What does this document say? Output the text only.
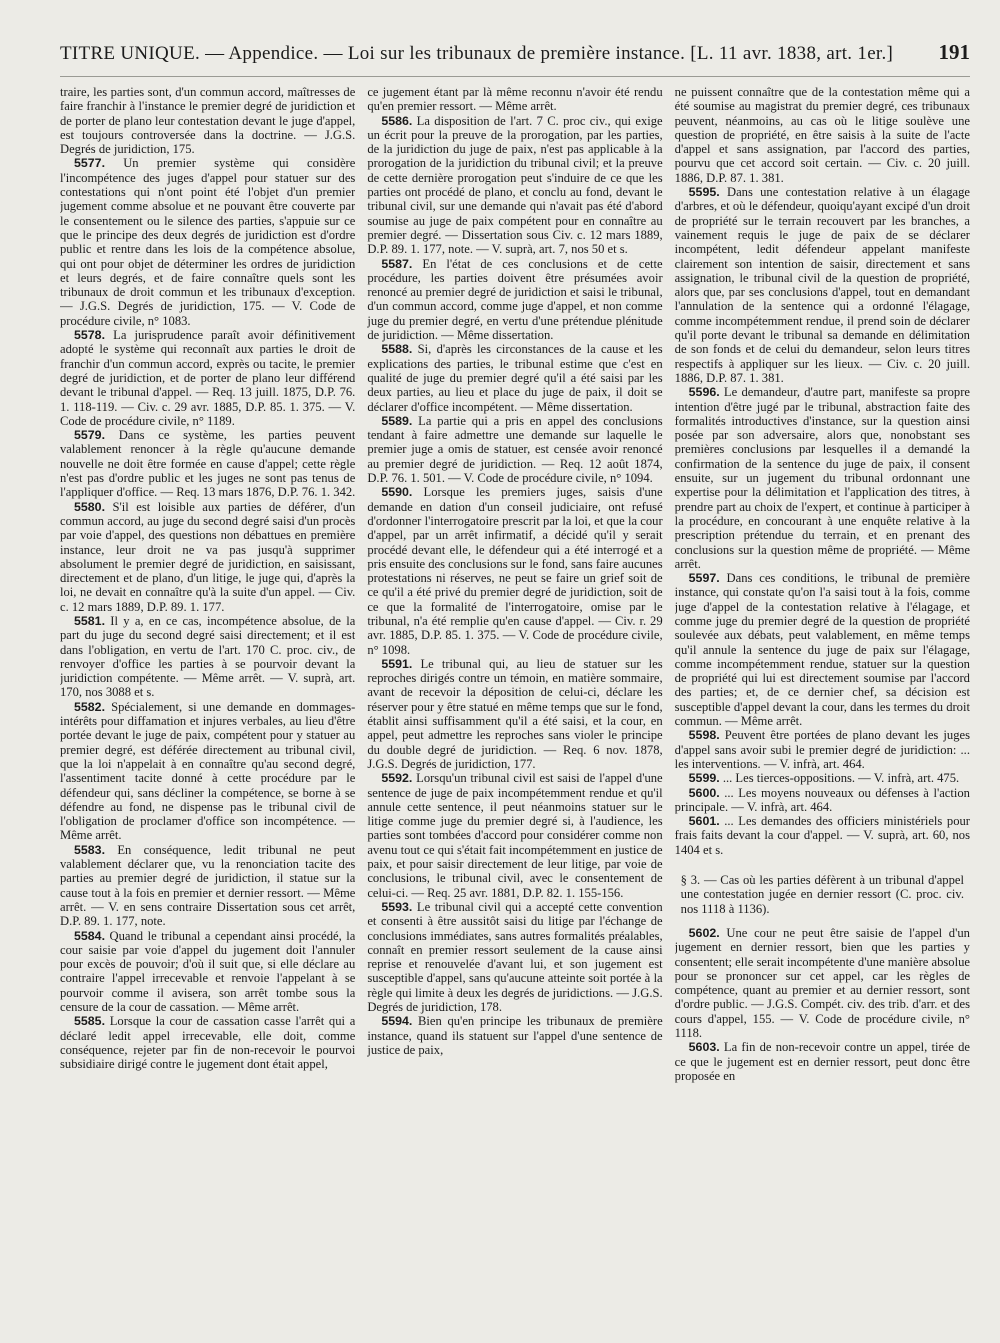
TITRE UNIQUE. — Appendice. — Loi sur les tribunaux de première instance. [L. 11 avr. 1838, art. 1er.] 191

traire, les parties sont, d'un commun accord, maîtresses de faire franchir à l'instance le premier degré de juridiction et de porter de plano leur contestation devant le juge d'appel, est toujours controversée dans la doctrine. — J.G.S. Degrés de juridiction, 175.

5577. Un premier système qui considère l'incompétence des juges d'appel pour statuer sur des contestations qui n'ont point été l'objet d'un premier jugement comme absolue et ne pouvant être couverte par le consentement ou le silence des parties, s'appuie sur ce que le principe des deux degrés de juridiction est d'ordre public et rentre dans les lois de la compétence absolue, qui ont pour objet de déterminer les ordres de juridiction et leurs degrés, et de faire connaître quels sont les tribunaux de droit commun et les tribunaux d'exception. — J.G.S. Degrés de juridiction, 175. — V. Code de procédure civile, n° 1083.

5578. La jurisprudence paraît avoir définitivement adopté le système qui reconnaît aux parties le droit de franchir d'un commun accord, exprès ou tacite, le premier degré de juridiction, et de porter de plano leur différend devant le tribunal d'appel. — Req. 13 juill. 1875, D.P. 76. 1. 118-119. — Civ. c. 29 avr. 1885, D.P. 85. 1. 375. — V. Code de procédure civile, n° 1189.

5579. Dans ce système, les parties peuvent valablement renoncer à la règle qu'aucune demande nouvelle ne doit être formée en cause d'appel; cette règle n'est pas d'ordre public et les juges ne sont pas tenus de l'appliquer d'office. — Req. 13 mars 1876, D.P. 76. 1. 342.

5580. S'il est loisible aux parties de déférer, d'un commun accord, au juge du second degré saisi d'un procès par voie d'appel, des questions non débattues en première instance, leur droit ne va pas jusqu'à supprimer absolument le premier degré de juridiction, en saisissant, directement et de plano, d'un litige, le juge qui, d'après la loi, ne devait en connaître qu'à la suite d'un appel. — Civ. c. 12 mars 1889, D.P. 89. 1. 177.

5581. Il y a, en ce cas, incompétence absolue, de la part du juge du second degré saisi directement; et il est dans l'obligation, en vertu de l'art. 170 C. proc. civ., de renvoyer d'office les parties à se pourvoir devant la juridiction compétente. — Même arrêt. — V. suprà, art. 170, nos 3088 et s.

5582. Spécialement, si une demande en dommages-intérêts pour diffamation et injures verbales, au lieu d'être portée devant le juge de paix, compétent pour y statuer au premier degré, est déférée directement au tribunal civil, que la loi n'appelait à en connaître qu'au second degré, l'assentiment tacite donné à cette procédure par le défendeur qui, sans décliner la compétence, se borne à se défendre au fond, ne dispense pas le tribunal civil de l'obligation de proclamer d'office son incompétence. — Même arrêt.

5583. En conséquence, ledit tribunal ne peut valablement déclarer que, vu la renonciation tacite des parties au premier degré de juridiction, il statue sur la cause tout à la fois en premier et dernier ressort. — Même arrêt. — V. en sens contraire Dissertation sous cet arrêt, D.P. 89. 1. 177, note.

5584. Quand le tribunal a cependant ainsi procédé, la cour saisie par voie d'appel du jugement doit l'annuler pour excès de pouvoir; d'où il suit que, si elle déclare au contraire l'appel irrecevable et renvoie l'appelant à se pourvoir comme il avisera, son arrêt tombe sous la censure de la cour de cassation. — Même arrêt.

5585. Lorsque la cour de cassation casse l'arrêt qui a déclaré ledit appel irrecevable, elle doit, comme conséquence, rejeter par fin de non-recevoir le pourvoi subsidiaire dirigé contre le jugement dont était appel,

ce jugement étant par là même reconnu n'avoir été rendu qu'en premier ressort. — Même arrêt.

5586. La disposition de l'art. 7 C. proc civ., qui exige un écrit pour la preuve de la prorogation, par les parties, de la juridiction du juge de paix, n'est pas applicable à la prorogation de la juridiction du tribunal civil; et la preuve de cette dernière prorogation peut s'induire de ce que les parties ont procédé de plano, et conclu au fond, devant le tribunal civil, sur une demande qui n'avait pas été d'abord soumise au juge de paix compétent pour en connaître au premier degré. — Dissertation sous Civ. c. 12 mars 1889, D.P. 89. 1. 177, note. — V. suprà, art. 7, nos 50 et s.

5587. En l'état de ces conclusions et de cette procédure, les parties doivent être présumées avoir renoncé au premier degré de juridiction et saisi le tribunal, d'un commun accord, comme juge d'appel, et non comme juge du premier degré, en vertu d'une prétendue plénitude de juridiction. — Même dissertation.

5588. Si, d'après les circonstances de la cause et les explications des parties, le tribunal estime que c'est en qualité de juge du premier degré qu'il a été saisi par les deux parties, au lieu et place du juge de paix, il doit se déclarer d'office incompétent. — Même dissertation.

5589. La partie qui a pris en appel des conclusions tendant à faire admettre une demande sur laquelle le premier juge a omis de statuer, est censée avoir renoncé au premier degré de juridiction. — Req. 12 août 1874, D.P. 76. 1. 501. — V. Code de procédure civile, n° 1094.

5590. Lorsque les premiers juges, saisis d'une demande en dation d'un conseil judiciaire, ont refusé d'ordonner l'interrogatoire prescrit par la loi, et que la cour d'appel, par un arrêt infirmatif, a décidé qu'il y serait procédé devant elle, le défendeur qui a été interrogé et a pris ensuite des conclusions sur le fond, sans faire aucunes protestations ni réserves, ne peut se faire un grief soit de ce qu'il a été privé du premier degré de juridiction, soit de ce que la formalité de l'interrogatoire, omise par le tribunal, n'a été remplie qu'en cause d'appel. — Civ. r. 29 avr. 1885, D.P. 85. 1. 375. — V. Code de procédure civile, n° 1098.

5591. Le tribunal qui, au lieu de statuer sur les reproches dirigés contre un témoin, en matière sommaire, avant de recevoir la déposition de celui-ci, déclare les réserver pour y être statué en même temps que sur le fond, établit ainsi suffisamment qu'il a été saisi, et la cour, en appel, peut admettre les reproches sans violer le principe du double degré de juridiction. — Req. 6 nov. 1878, J.G.S. Degrés de juridiction, 177.

5592. Lorsqu'un tribunal civil est saisi de l'appel d'une sentence de juge de paix incompétemment rendue et qu'il annule cette sentence, il peut néanmoins statuer sur le litige comme juge du premier degré si, à l'audience, les parties sont tombées d'accord pour considérer comme non avenu tout ce qui s'était fait incompétemment en justice de paix, et pour saisir directement de leur litige, par voie de conclusions, le tribunal civil, avec le consentement de celui-ci. — Req. 25 avr. 1881, D.P. 82. 1. 155-156.

5593. Le tribunal civil qui a accepté cette convention et consenti à être aussitôt saisi du litige par l'échange de conclusions immédiates, sans autres formalités préalables, connaît en premier ressort seulement de la cause ainsi reprise et renouvelée d'avant lui, et son jugement est susceptible d'appel, sans qu'aucune atteinte soit portée à la règle qui limite à deux les degrés de juridictions. — J.G.S. Degrés de juridiction, 178.

5594. Bien qu'en principe les tribunaux de première instance, quand ils statuent sur l'appel d'une sentence de justice de paix,

ne puissent connaître que de la contestation même qui a été soumise au magistrat du premier degré, ces tribunaux peuvent, néanmoins, au cas où le litige soulève une question de propriété, en être saisis à la suite de l'acte d'appel et sans assignation, par l'accord des parties, pourvu que cet accord soit certain. — Civ. c. 20 juill. 1886, D.P. 87. 1. 381.

5595. Dans une contestation relative à un élagage d'arbres, et où le défendeur, quoiqu'ayant excipé d'un droit de propriété sur le terrain recouvert par les branches, a vainement requis le juge de paix de se déclarer incompétent, ledit défendeur appelant manifeste clairement son intention de saisir, directement et sans assignation, le tribunal civil de la question de propriété, alors que, par ses conclusions d'appel, tout en demandant l'annulation de la sentence qui a ordonné l'élagage, comme incompétemment rendue, il prend soin de déclarer qu'il porte devant le tribunal sa demande en délimitation de son fonds et de celui du demandeur, selon leurs titres respectifs à appliquer sur les lieux. — Civ. c. 20 juill. 1886, D.P. 87. 1. 381.

5596. Le demandeur, d'autre part, manifeste sa propre intention d'être jugé par le tribunal, abstraction faite des formalités introductives d'instance, sur la question ainsi posée par son adversaire, alors que, nonobstant ses premières conclusions par lesquelles il a demandé la confirmation de la sentence du juge de paix, il consent ensuite, sur un jugement du tribunal ordonnant une expertise pour la délimitation et l'application des titres, à prendre part au choix de l'expert, et continue à participer à la procédure, en concourant à une enquête relative à la prescription prétendue du terrain, et en prenant des conclusions sur la question même de propriété. — Même arrêt.

5597. Dans ces conditions, le tribunal de première instance, qui constate qu'on l'a saisi tout à la fois, comme juge d'appel de la contestation relative à l'élagage, et comme juge du premier degré de la question de propriété soulevée aux débats, peut valablement, en même temps qu'il annule la sentence du juge de paix sur l'élagage, comme incompétemment rendue, statuer sur la question de propriété qui lui est directement soumise par l'accord des parties; et, de ce dernier chef, sa décision est susceptible d'appel devant la cour, dans les termes du droit commun. — Même arrêt.

5598. Peuvent être portées de plano devant les juges d'appel sans avoir subi le premier degré de juridiction: ... les interventions. — V. infrà, art. 464.

5599. ... Les tierces-oppositions. — V. infrà, art. 475.

5600. ... Les moyens nouveaux ou défenses à l'action principale. — V. infrà, art. 464.

5601. ... Les demandes des officiers ministériels pour frais faits devant la cour d'appel. — V. suprà, art. 60, nos 1404 et s.

§ 3. — Cas où les parties défèrent à un tribunal d'appel une contestation jugée en dernier ressort (C. proc. civ. nos 1118 à 1136).

5602. Une cour ne peut être saisie de l'appel d'un jugement en dernier ressort, bien que les parties y consentent; elle serait incompétente d'une manière absolue pour se prononcer sur cet appel, car les règles de compétence, quant au premier et au dernier ressort, sont d'ordre public. — J.G.S. Compét. civ. des trib. d'arr. et des cours d'appel, 155. — V. Code de procédure civile, n° 1118.

5603. La fin de non-recevoir contre un appel, tirée de ce que le jugement est en dernier ressort, peut donc être proposée en
